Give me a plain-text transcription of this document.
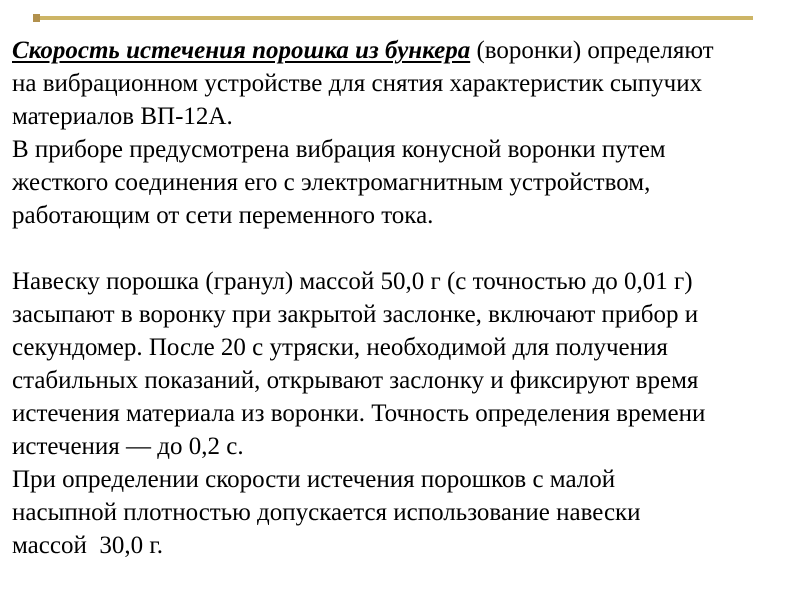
Скорость истечения порошка из бункера (воронки) определяют
на вибрационном устройстве для снятия характеристик сыпучих
материалов ВП-12А.
В приборе предусмотрена вибрация конусной воронки путем
жесткого соединения его с электромагнитным устройством,
работающим от сети переменного тока.
Навеску порошка (гранул) массой 50,0 г (с точностью до 0,01 г)
засыпают в воронку при закрытой заслонке, включают прибор и
секундомер. После 20 с утряски, необходимой для получения
стабильных показаний, открывают заслонку и фиксируют время
истечения материала из воронки. Точность определения времени
истечения — до 0,2 с.
При определении скорости истечения порошков с малой
насыпной плотностью допускается использование навески
массой  30,0 г.
